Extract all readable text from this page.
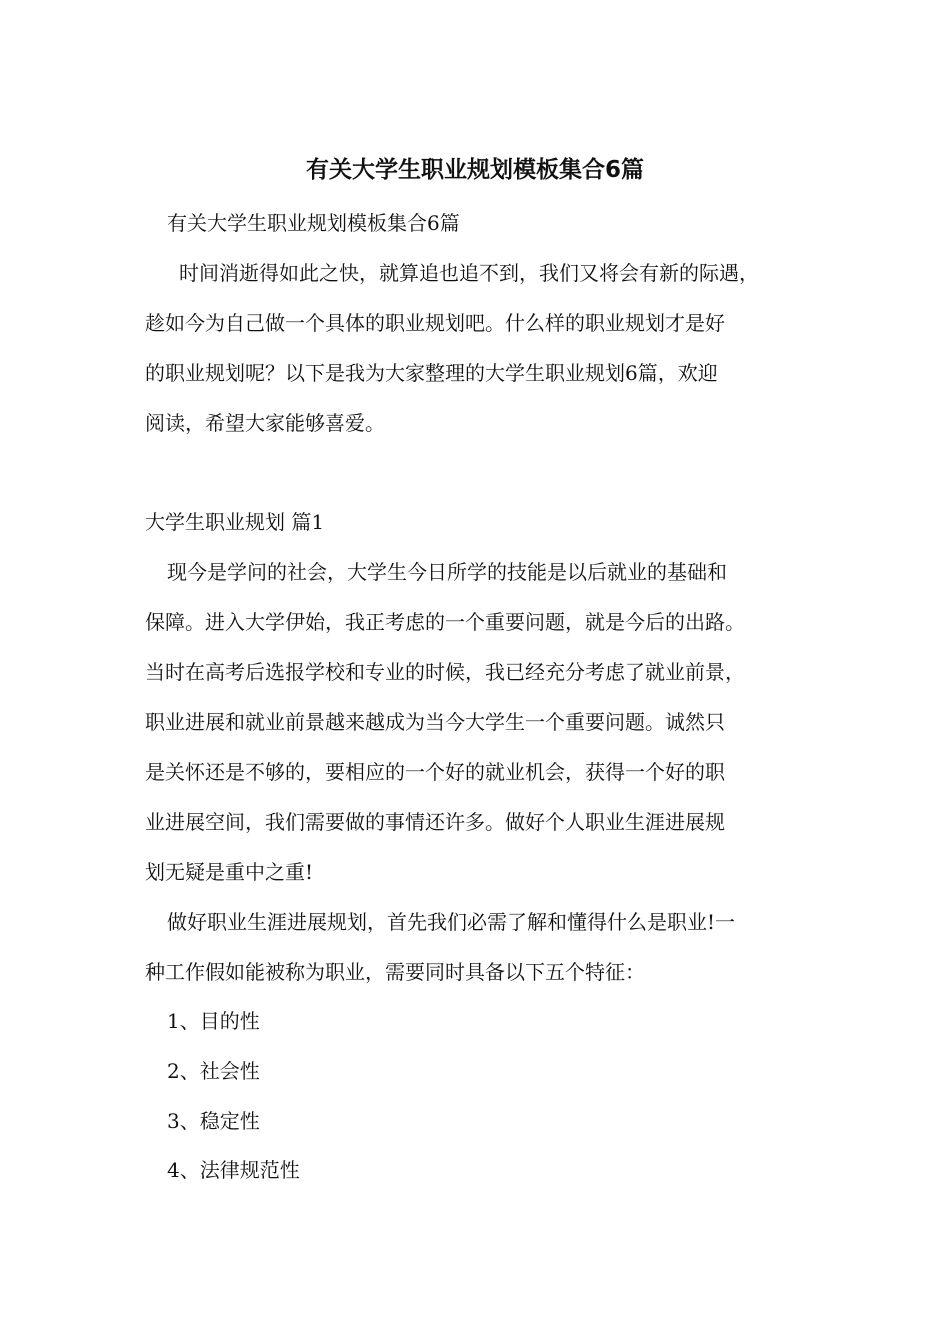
有关大学生职业规划模板集合6篇

有关大学生职业规划模板集合6篇

时间消逝得如此之快，就算追也追不到，我们又将会有新的际遇，

趁如今为自己做一个具体的职业规划吧。什么样的职业规划才是好

的职业规划呢？以下是我为大家整理的大学生职业规划6篇，欢迎

阅读，希望大家能够喜爱。

大学生职业规划 篇1

现今是学问的社会，大学生今日所学的技能是以后就业的基础和

保障。进入大学伊始，我正考虑的一个重要问题，就是今后的出路。

当时在高考后选报学校和专业的时候，我已经充分考虑了就业前景，

职业进展和就业前景越来越成为当今大学生一个重要问题。诚然只

是关怀还是不够的，要相应的一个好的就业机会，获得一个好的职

业进展空间，我们需要做的事情还许多。做好个人职业生涯进展规

划无疑是重中之重!

做好职业生涯进展规划，首先我们必需了解和懂得什么是职业!一

种工作假如能被称为职业，需要同时具备以下五个特征：

1、目的性

2、社会性

3、稳定性

4、法律规范性
